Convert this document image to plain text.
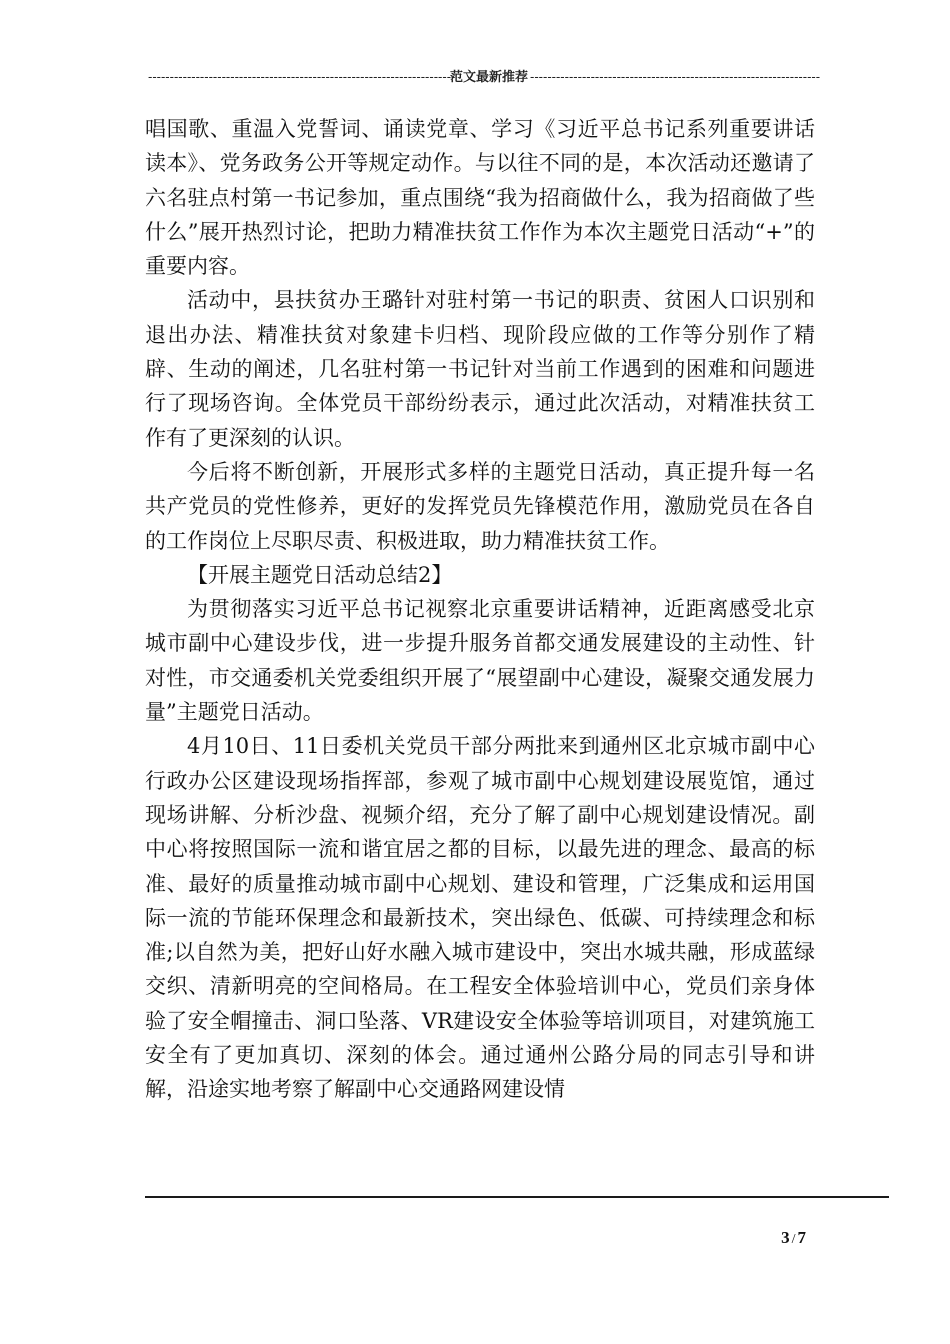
-----------------------------------------------------------------------范文最新推荐 -------------------------------------------------------------------

唱国歌、重温入党誓词、诵读党章、学习《习近平总书记系列重要讲话读本》、党务政务公开等规定动作。与以往不同的是，本次活动还邀请了六名驻点村第一书记参加，重点围绕“我为招商做什么，我为招商做了些什么”展开热烈讨论，把助力精准扶贫工作作为本次主题党日活动“+”的重要内容。

活动中，县扶贫办王璐针对驻村第一书记的职责、贫困人口识别和退出办法、精准扶贫对象建卡归档、现阶段应做的工作等分别作了精辟、生动的阐述，几名驻村第一书记针对当前工作遇到的困难和问题进行了现场咨询。全体党员干部纷纷表示，通过此次活动，对精准扶贫工作有了更深刻的认识。

今后将不断创新，开展形式多样的主题党日活动，真正提升每一名共产党员的党性修养，更好的发挥党员先锋模范作用，激励党员在各自的工作岗位上尽职尽责、积极进取，助力精准扶贫工作。

【开展主题党日活动总结2】

为贯彻落实习近平总书记视察北京重要讲话精神，近距离感受北京城市副中心建设步伐，进一步提升服务首都交通发展建设的主动性、针对性，市交通委机关党委组织开展了“展望副中心建设，凝聚交通发展力量”主题党日活动。

4月10日、11日委机关党员干部分两批来到通州区北京城市副中心行政办公区建设现场指挥部，参观了城市副中心规划建设展览馆，通过现场讲解、分析沙盘、视频介绍，充分了解了副中心规划建设情况。副中心将按照国际一流和谐宜居之都的目标，以最先进的理念、最高的标准、最好的质量推动城市副中心规划、建设和管理，广泛集成和运用国际一流的节能环保理念和最新技术，突出绿色、低碳、可持续理念和标准;以自然为美，把好山好水融入城市建设中，突出水城共融，形成蓝绿交织、清新明亮的空间格局。在工程安全体验培训中心，党员们亲身体验了安全帽撞击、洞口坠落、VR建设安全体验等培训项目，对建筑施工安全有了更加真切、深刻的体会。通过通州公路分局的同志引导和讲解，沿途实地考察了解副中心交通路网建设情

3 / 7
